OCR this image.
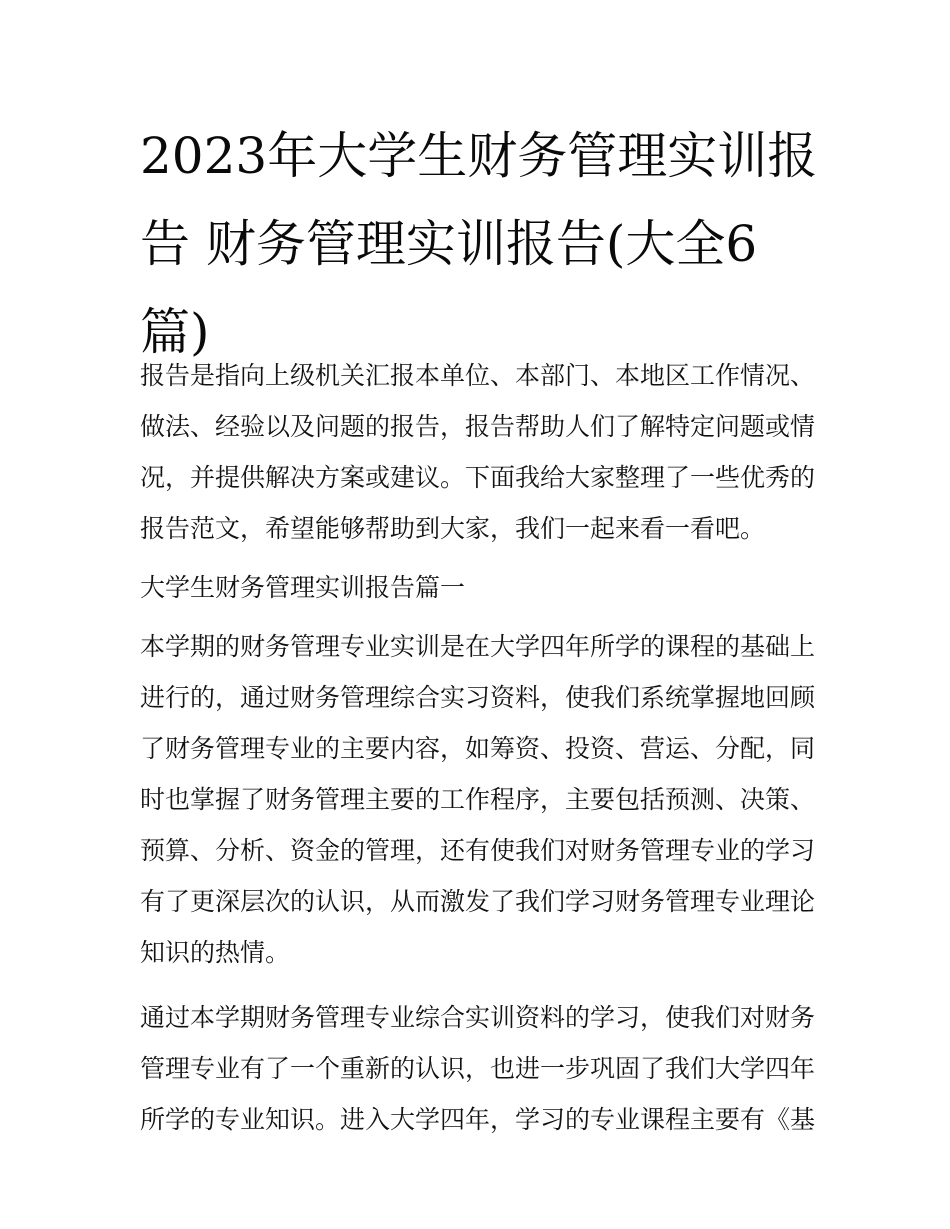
2023年大学生财务管理实训报告 财务管理实训报告(大全6篇)

报告是指向上级机关汇报本单位、本部门、本地区工作情况、做法、经验以及问题的报告，报告帮助人们了解特定问题或情况，并提供解决方案或建议。下面我给大家整理了一些优秀的报告范文，希望能够帮助到大家，我们一起来看一看吧。

大学生财务管理实训报告篇一

本学期的财务管理专业实训是在大学四年所学的课程的基础上进行的，通过财务管理综合实习资料，使我们系统掌握地回顾了财务管理专业的主要内容，如筹资、投资、营运、分配，同时也掌握了财务管理主要的工作程序，主要包括预测、决策、预算、分析、资金的管理，还有使我们对财务管理专业的学习有了更深层次的认识，从而激发了我们学习财务管理专业理论知识的热情。

通过本学期财务管理专业综合实训资料的学习，使我们对财务管理专业有了一个重新的认识，也进一步巩固了我们大学四年所学的专业知识。进入大学四年，学习的专业课程主要有《基
